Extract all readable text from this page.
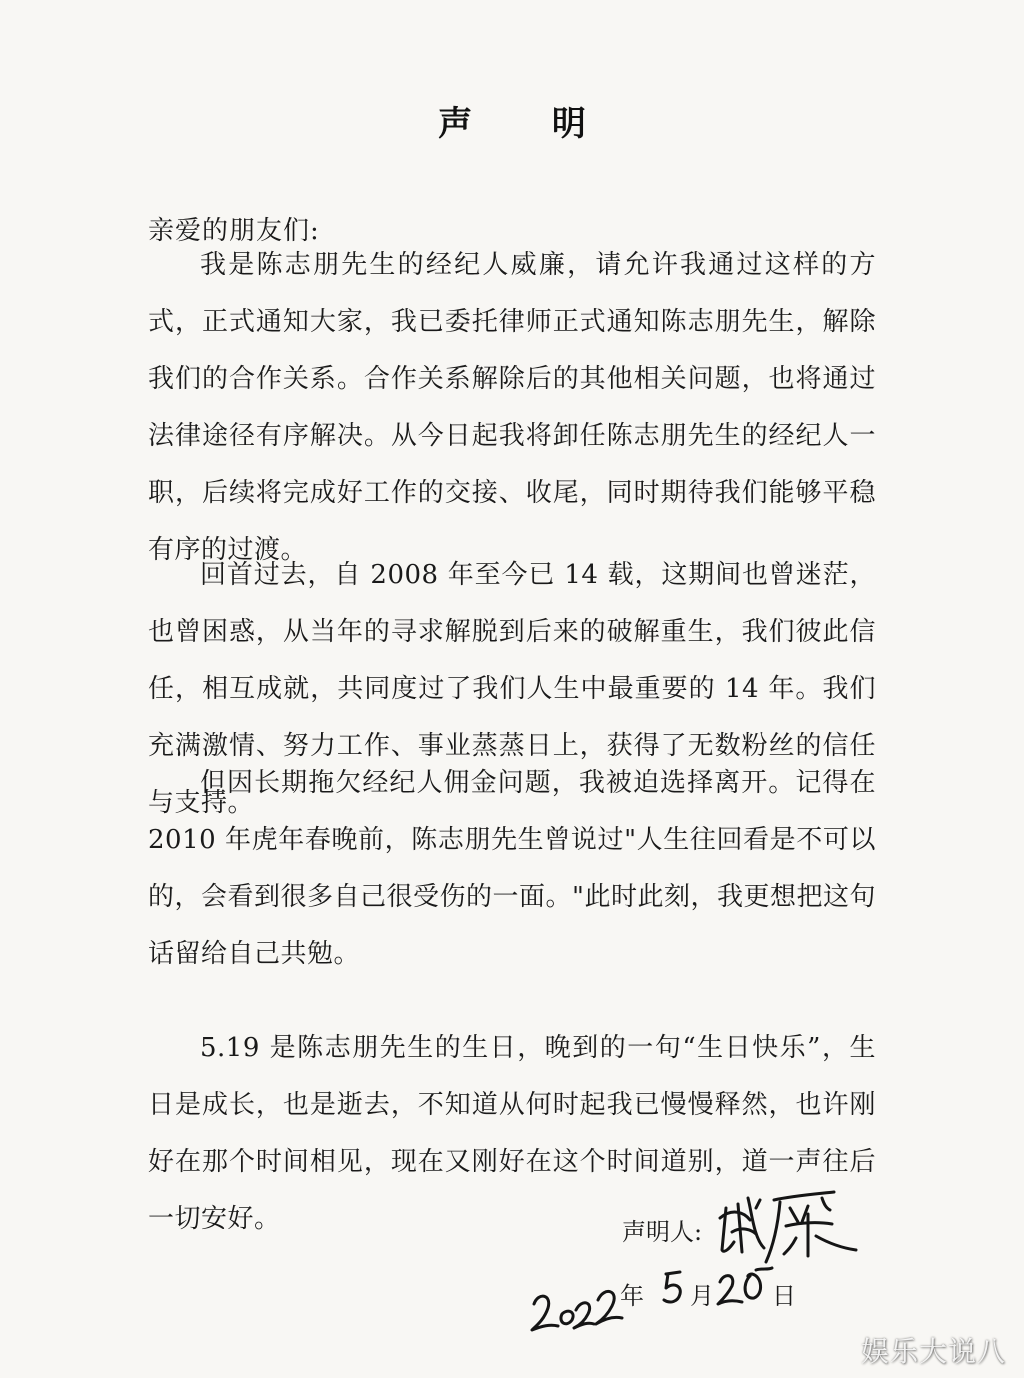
声 明
亲爱的朋友们:
我是陈志朋先生的经纪人威廉，请允许我通过这样的方式，正式通知大家，我已委托律师正式通知陈志朋先生，解除我们的合作关系。合作关系解除后的其他相关问题，也将通过法律途径有序解决。从今日起我将卸任陈志朋先生的经纪人一职，后续将完成好工作的交接、收尾，同时期待我们能够平稳有序的过渡。
回首过去，自 2008 年至今已 14 载，这期间也曾迷茫，也曾困惑，从当年的寻求解脱到后来的破解重生，我们彼此信任，相互成就，共同度过了我们人生中最重要的 14 年。我们充满激情、努力工作、事业蒸蒸日上，获得了无数粉丝的信任与支持。
但因长期拖欠经纪人佣金问题，我被迫选择离开。记得在 2010 年虎年春晚前，陈志朋先生曾说过"人生往回看是不可以的，会看到很多自己很受伤的一面。"此时此刻，我更想把这句话留给自己共勉。
5.19 是陈志朋先生的生日，晚到的一句“生日快乐”，生日是成长，也是逝去，不知道从何时起我已慢慢释然，也许刚好在那个时间相见，现在又刚好在这个时间道别，道一声往后一切安好。	声明人:
年 月 日
娱乐大说八
